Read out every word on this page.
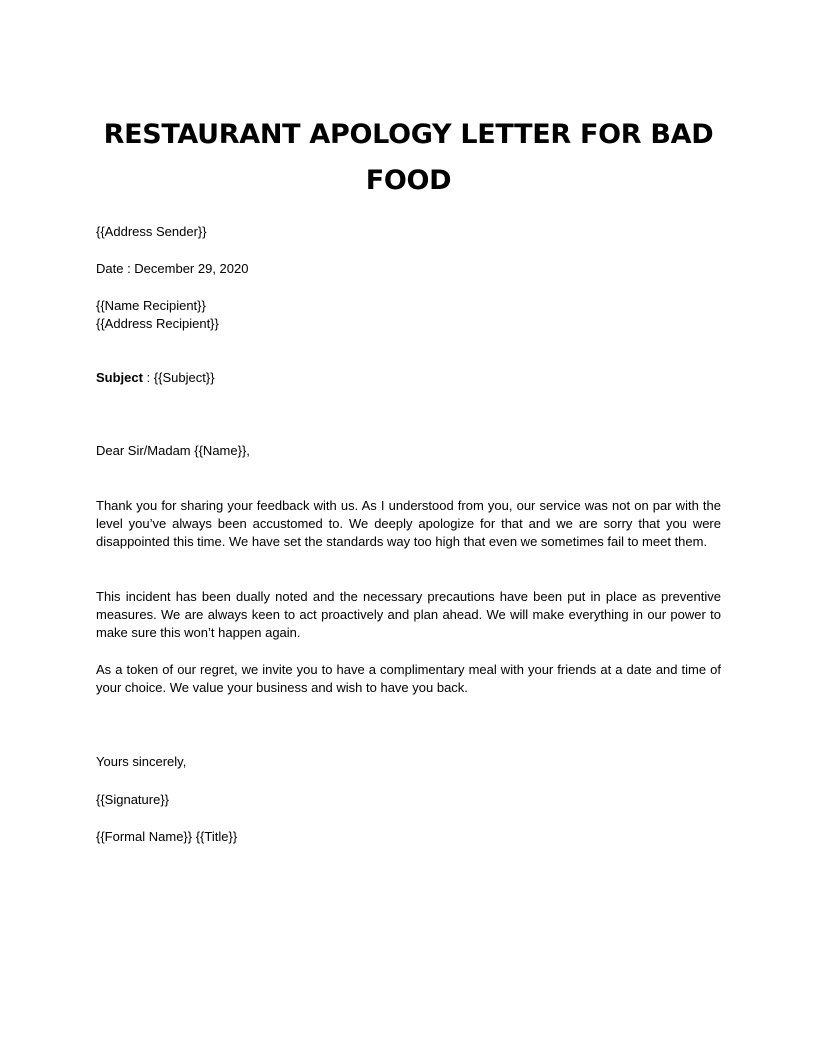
RESTAURANT APOLOGY LETTER FOR BAD FOOD

{{Address Sender}}

Date : December 29, 2020

{{Name Recipient}}

{{Address Recipient}}

Subject : {{Subject}}

Dear Sir/Madam {{Name}},

Thank you for sharing your feedback with us. As I understood from you, our service was not on par with the level you’ve always been accustomed to. We deeply apologize for that and we are sorry that you were disappointed this time. We have set the standards way too high that even we sometimes fail to meet them.

This incident has been dually noted and the necessary precautions have been put in place as preventive measures. We are always keen to act proactively and plan ahead. We will make everything in our power to make sure this won’t happen again.

As a token of our regret, we invite you to have a complimentary meal with your friends at a date and time of your choice. We value your business and wish to have you back.

Yours sincerely,

{{Signature}}

{{Formal Name}} {{Title}}
